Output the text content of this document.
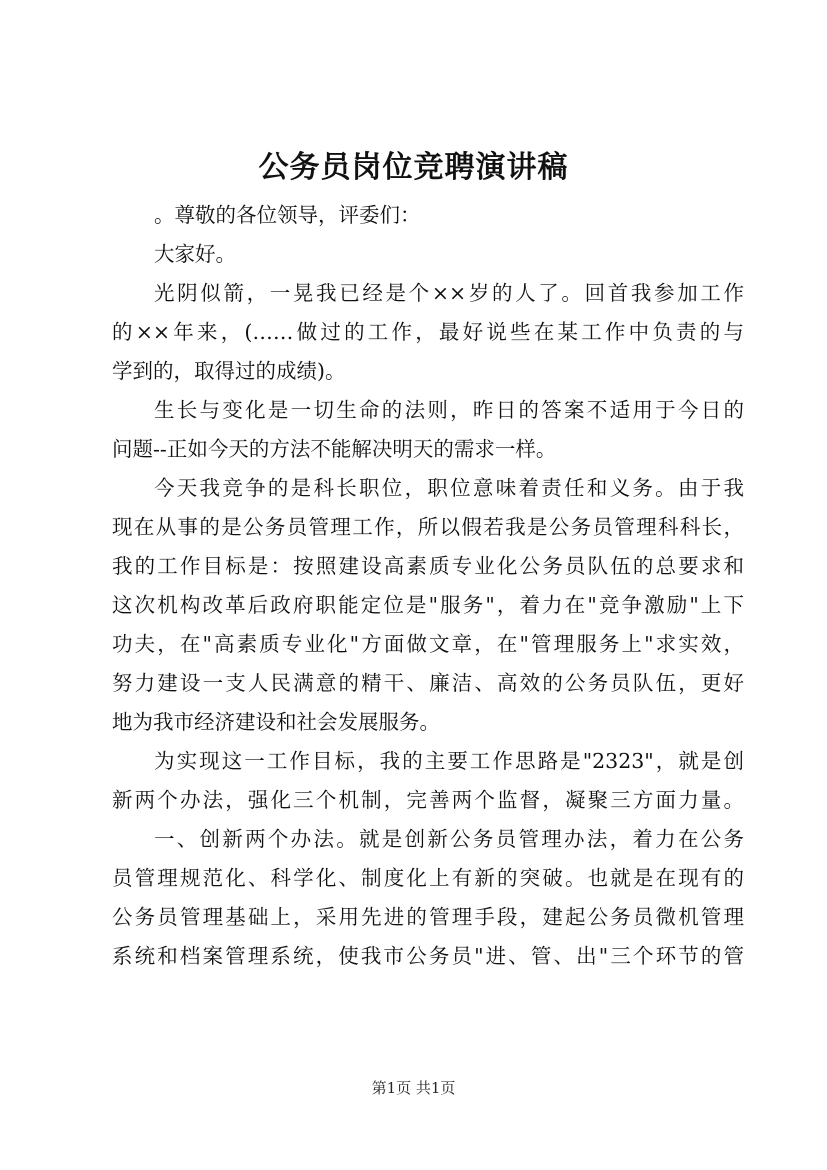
公务员岗位竞聘演讲稿
。尊敬的各位领导，评委们：
大家好。
光阴似箭，一晃我已经是个××岁的人了。回首我参加工作
的××年来，(……做过的工作，最好说些在某工作中负责的与
学到的，取得过的成绩)。
生长与变化是一切生命的法则，昨日的答案不适用于今日的
问题--正如今天的方法不能解决明天的需求一样。
今天我竞争的是科长职位，职位意味着责任和义务。由于我
现在从事的是公务员管理工作，所以假若我是公务员管理科科长，
我的工作目标是：按照建设高素质专业化公务员队伍的总要求和
这次机构改革后政府职能定位是"服务"，着力在"竞争激励"上下
功夫，在"高素质专业化"方面做文章，在"管理服务上"求实效，
努力建设一支人民满意的精干、廉洁、高效的公务员队伍，更好
地为我市经济建设和社会发展服务。
为实现这一工作目标，我的主要工作思路是"2323"，就是创
新两个办法，强化三个机制，完善两个监督，凝聚三方面力量。
一、创新两个办法。就是创新公务员管理办法，着力在公务
员管理规范化、科学化、制度化上有新的突破。也就是在现有的
公务员管理基础上，采用先进的管理手段，建起公务员微机管理
系统和档案管理系统，使我市公务员"进、管、出"三个环节的管
第1页 共1页
